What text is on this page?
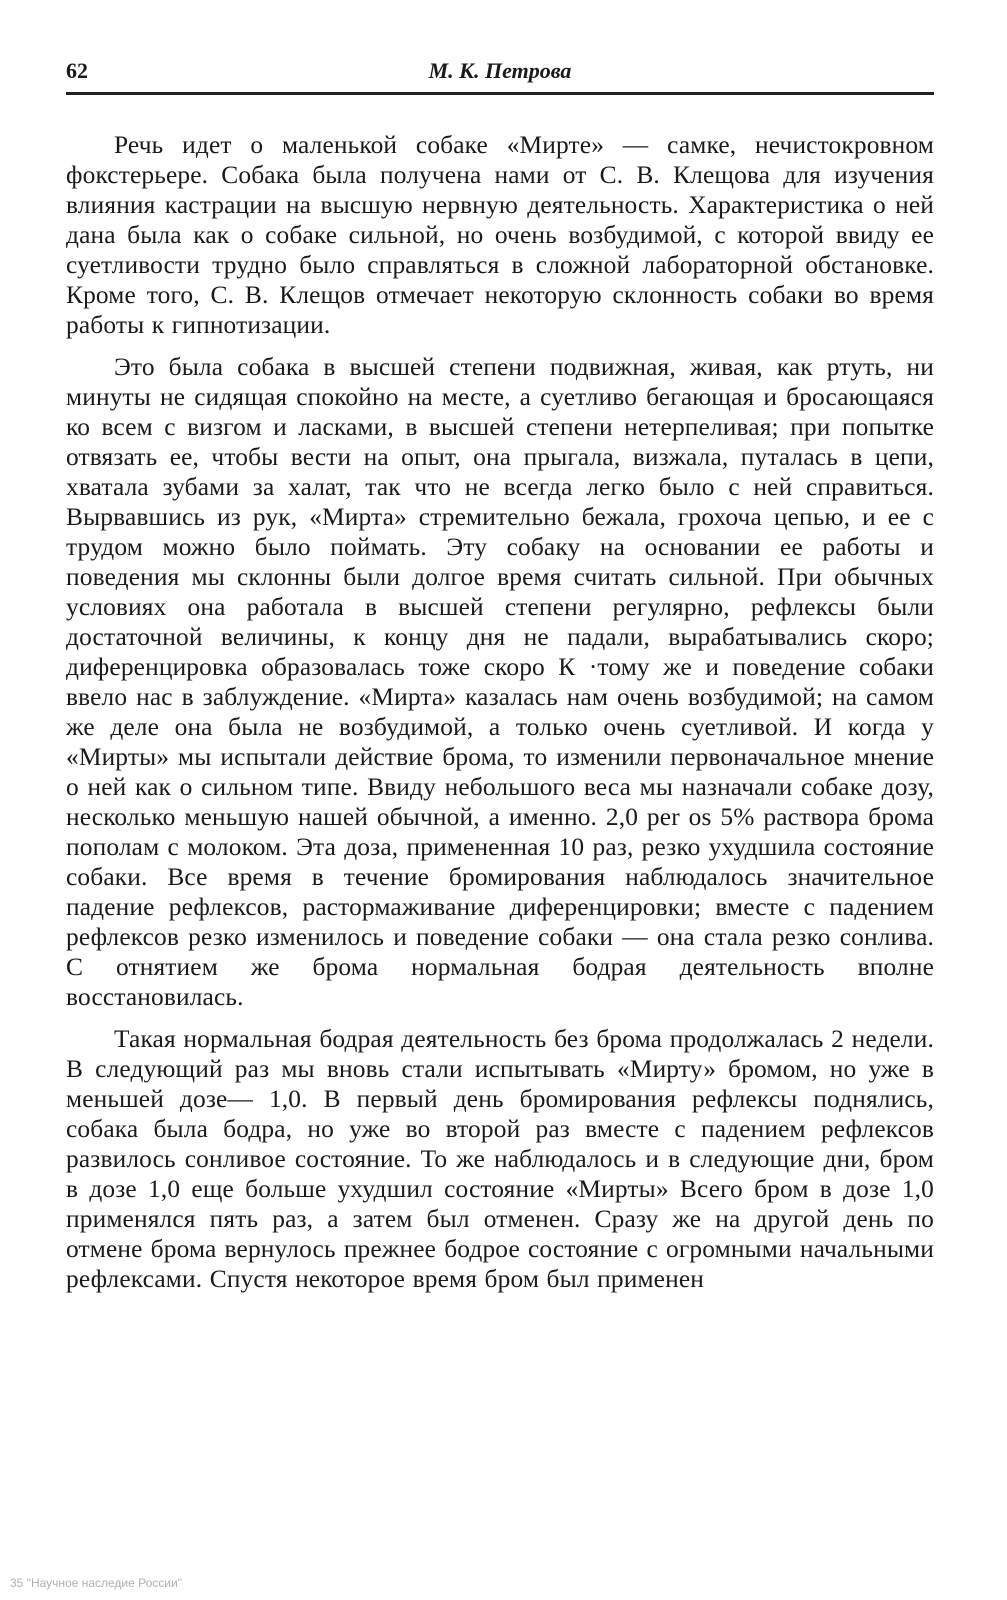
62	М. К. Петрова

Речь идет о маленькой собаке «Мирте» — самке, нечистокровном фокстерьере. Собака была получена нами от С. В. Клещова для изучения влияния кастрации на высшую нервную деятельность. Характеристика о ней дана была как о собаке сильной, но очень возбудимой, с которой ввиду ее суетливости трудно было справляться в сложной лабораторной обстановке. Кроме того, С. В. Клещов отмечает некоторую склонность собаки во время работы к гипнотизации.

Это была собака в высшей степени подвижная, живая, как ртуть, ни минуты не сидящая спокойно на месте, а суетливо бегающая и бросающаяся ко всем с визгом и ласками, в высшей степени нетерпеливая; при попытке отвязать ее, чтобы вести на опыт, она прыгала, визжала, путалась в цепи, хватала зубами за халат, так что не всегда легко было с ней справиться. Вырвавшись из рук, «Мирта» стремительно бежала, грохоча цепью, и ее с трудом можно было поймать. Эту собаку на основании ее работы и поведения мы склонны были долгое время считать сильной. При обычных условиях она работала в высшей степени регулярно, рефлексы были достаточной величины, к концу дня не падали, вырабатывались скоро; диференцировка образовалась тоже скоро К ·тому же и поведение собаки ввело нас в заблуждение. «Мирта» казалась нам очень возбудимой; на самом же деле она была не возбудимой, а только очень суетливой. И когда у «Мирты» мы испытали действие брома, то изменили первоначальное мнение о ней как о сильном типе. Ввиду небольшого веса мы назначали собаке дозу, несколько меньшую нашей обычной, а именно. 2,0 per os 5% раствора брома пополам с молоком. Эта доза, примененная 10 раз, резко ухудшила состояние собаки. Все время в течение бромирования наблюдалось значительное падение рефлексов, растормаживание диференцировки; вместе с падением рефлексов резко изменилось и поведение собаки — она стала резко сонлива. С отнятием же брома нормальная бодрая деятельность вполне восстановилась.

Такая нормальная бодрая деятельность без брома продолжалась 2 недели. В следующий раз мы вновь стали испытывать «Мирту» бромом, но уже в меньшей дозе— 1,0. В первый день бромирования рефлексы поднялись, собака была бодра, но уже во второй раз вместе с падением рефлексов развилось сонливое состояние. То же наблюдалось и в следующие дни, бром в дозе 1,0 еще больше ухудшил состояние «Мирты» Всего бром в дозе 1,0 применялся пять раз, а затем был отменен. Сразу же на другой день по отмене брома вернулось прежнее бодрое состояние с огромными начальными рефлексами. Спустя некоторое время бром был применен

35 "Научное наследие России"
